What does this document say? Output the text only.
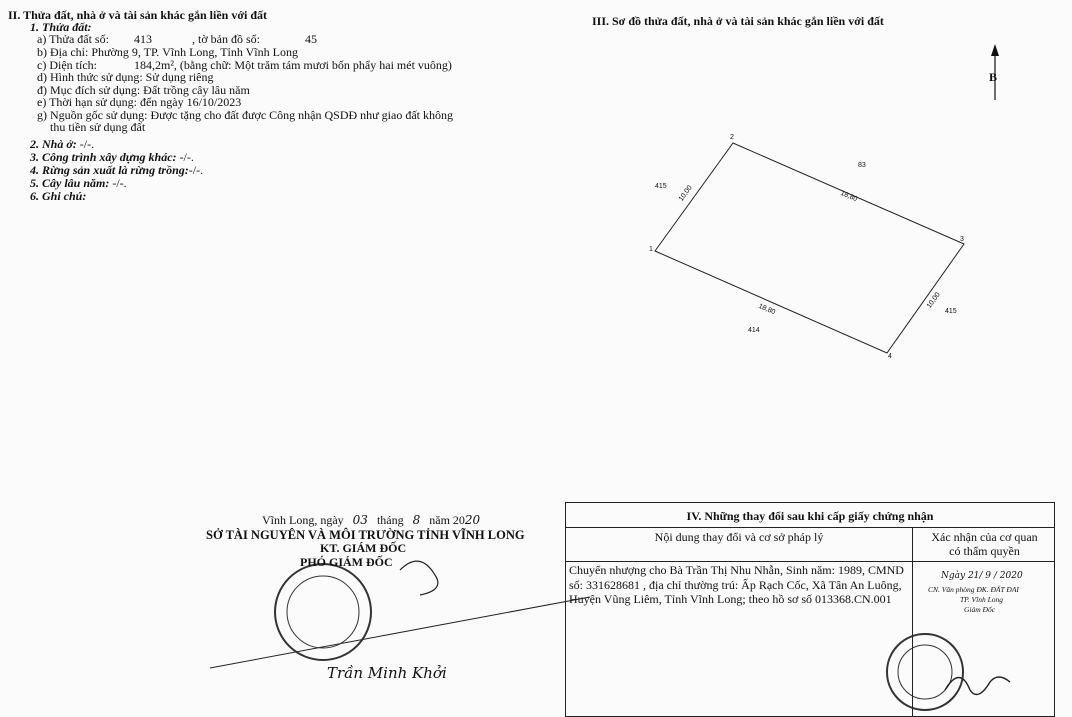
II. Thửa đất, nhà ở và tài sản khác gắn liền với đất
1. Thửa đất:
a) Thửa đất số: 413	, tờ bản đồ số:	45
b) Địa chỉ: Phường 9, TP. Vĩnh Long, Tỉnh Vĩnh Long
c) Diện tích:	184,2m², (bằng chữ: Một trăm tám mươi bốn phẩy hai mét vuông)
d) Hình thức sử dụng: Sử dụng riêng
đ) Mục đích sử dụng: Đất trồng cây lâu năm
e) Thời hạn sử dụng: đến ngày 16/10/2023
g) Nguồn gốc sử dụng: Được tặng cho đất được Công nhận QSDĐ như giao đất không
thu tiền sử dụng đất
2. Nhà ở: -/-.
3. Công trình xây dựng khác: -/-.
4. Rừng sản xuất là rừng trồng:-/-.
5. Cây lâu năm: -/-.
6. Ghi chú:
III. Sơ đồ thửa đất, nhà ở và tài sản khác gắn liền với đất
B
1
2
3
4
415
83
415
414
10,00	18,80
10,00
18,80
Vĩnh Long, ngày 03 tháng 8 năm 2020
SỞ TÀI NGUYÊN VÀ MÔI TRƯỜNG TỈNH VĨNH LONG
KT. GIÁM ĐỐC
PHÓ GIÁM ĐỐC
Trần Minh Khởi
IV. Những thay đổi sau khi cấp giấy chứng nhận
Nội dung thay đổi và cơ sở pháp lý	Xác nhận của cơ quan
có thẩm quyền
Chuyển nhượng cho Bà Trần Thị Nhu Nhẫn, Sinh năm: 1989, CMND số: 331628681 , địa chỉ thường trú: Ấp Rạch Cốc, Xã Tân An Luông, Huyện Vũng Liêm, Tỉnh Vĩnh Long; theo hồ sơ số 013368.CN.001
Ngày 21/ 9 / 2020
CN. Văn phòng ĐK. ĐẤT ĐAI
TP. Vĩnh Long
Giám Đốc
